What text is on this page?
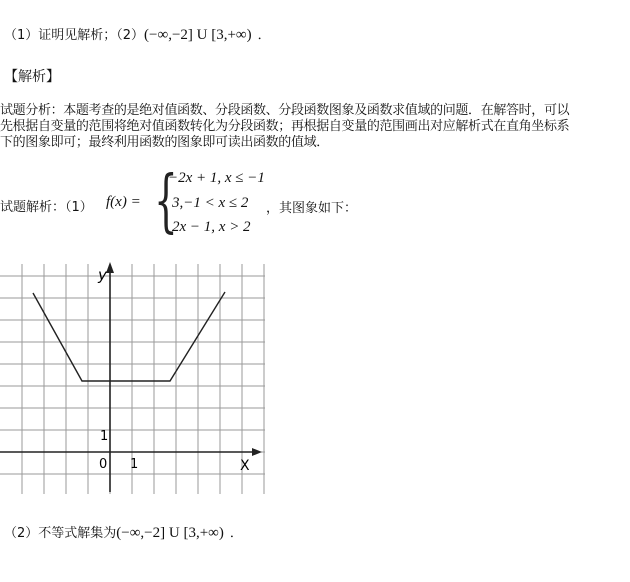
（1）证明见解析；（2）(−∞,−2] U [3,+∞) ．
【解析】
试题分析：本题考查的是绝对值函数、分段函数、分段函数图象及函数求值域的问题．在解答时，可以
先根据自变量的范围将绝对值函数转化为分段函数；再根据自变量的范围画出对应解析式在直角坐标系
下的图象即可；最终利用函数的图象即可读出函数的值域．
试题解析：（1） f(x) = {
−2x + 1, x ≤ −1
3,−1 < x ≤ 2
2x − 1, x > 2
，其图象如下：
X
y
0 1
1
（2）不等式解集为(−∞,−2] U [3,+∞) ．
